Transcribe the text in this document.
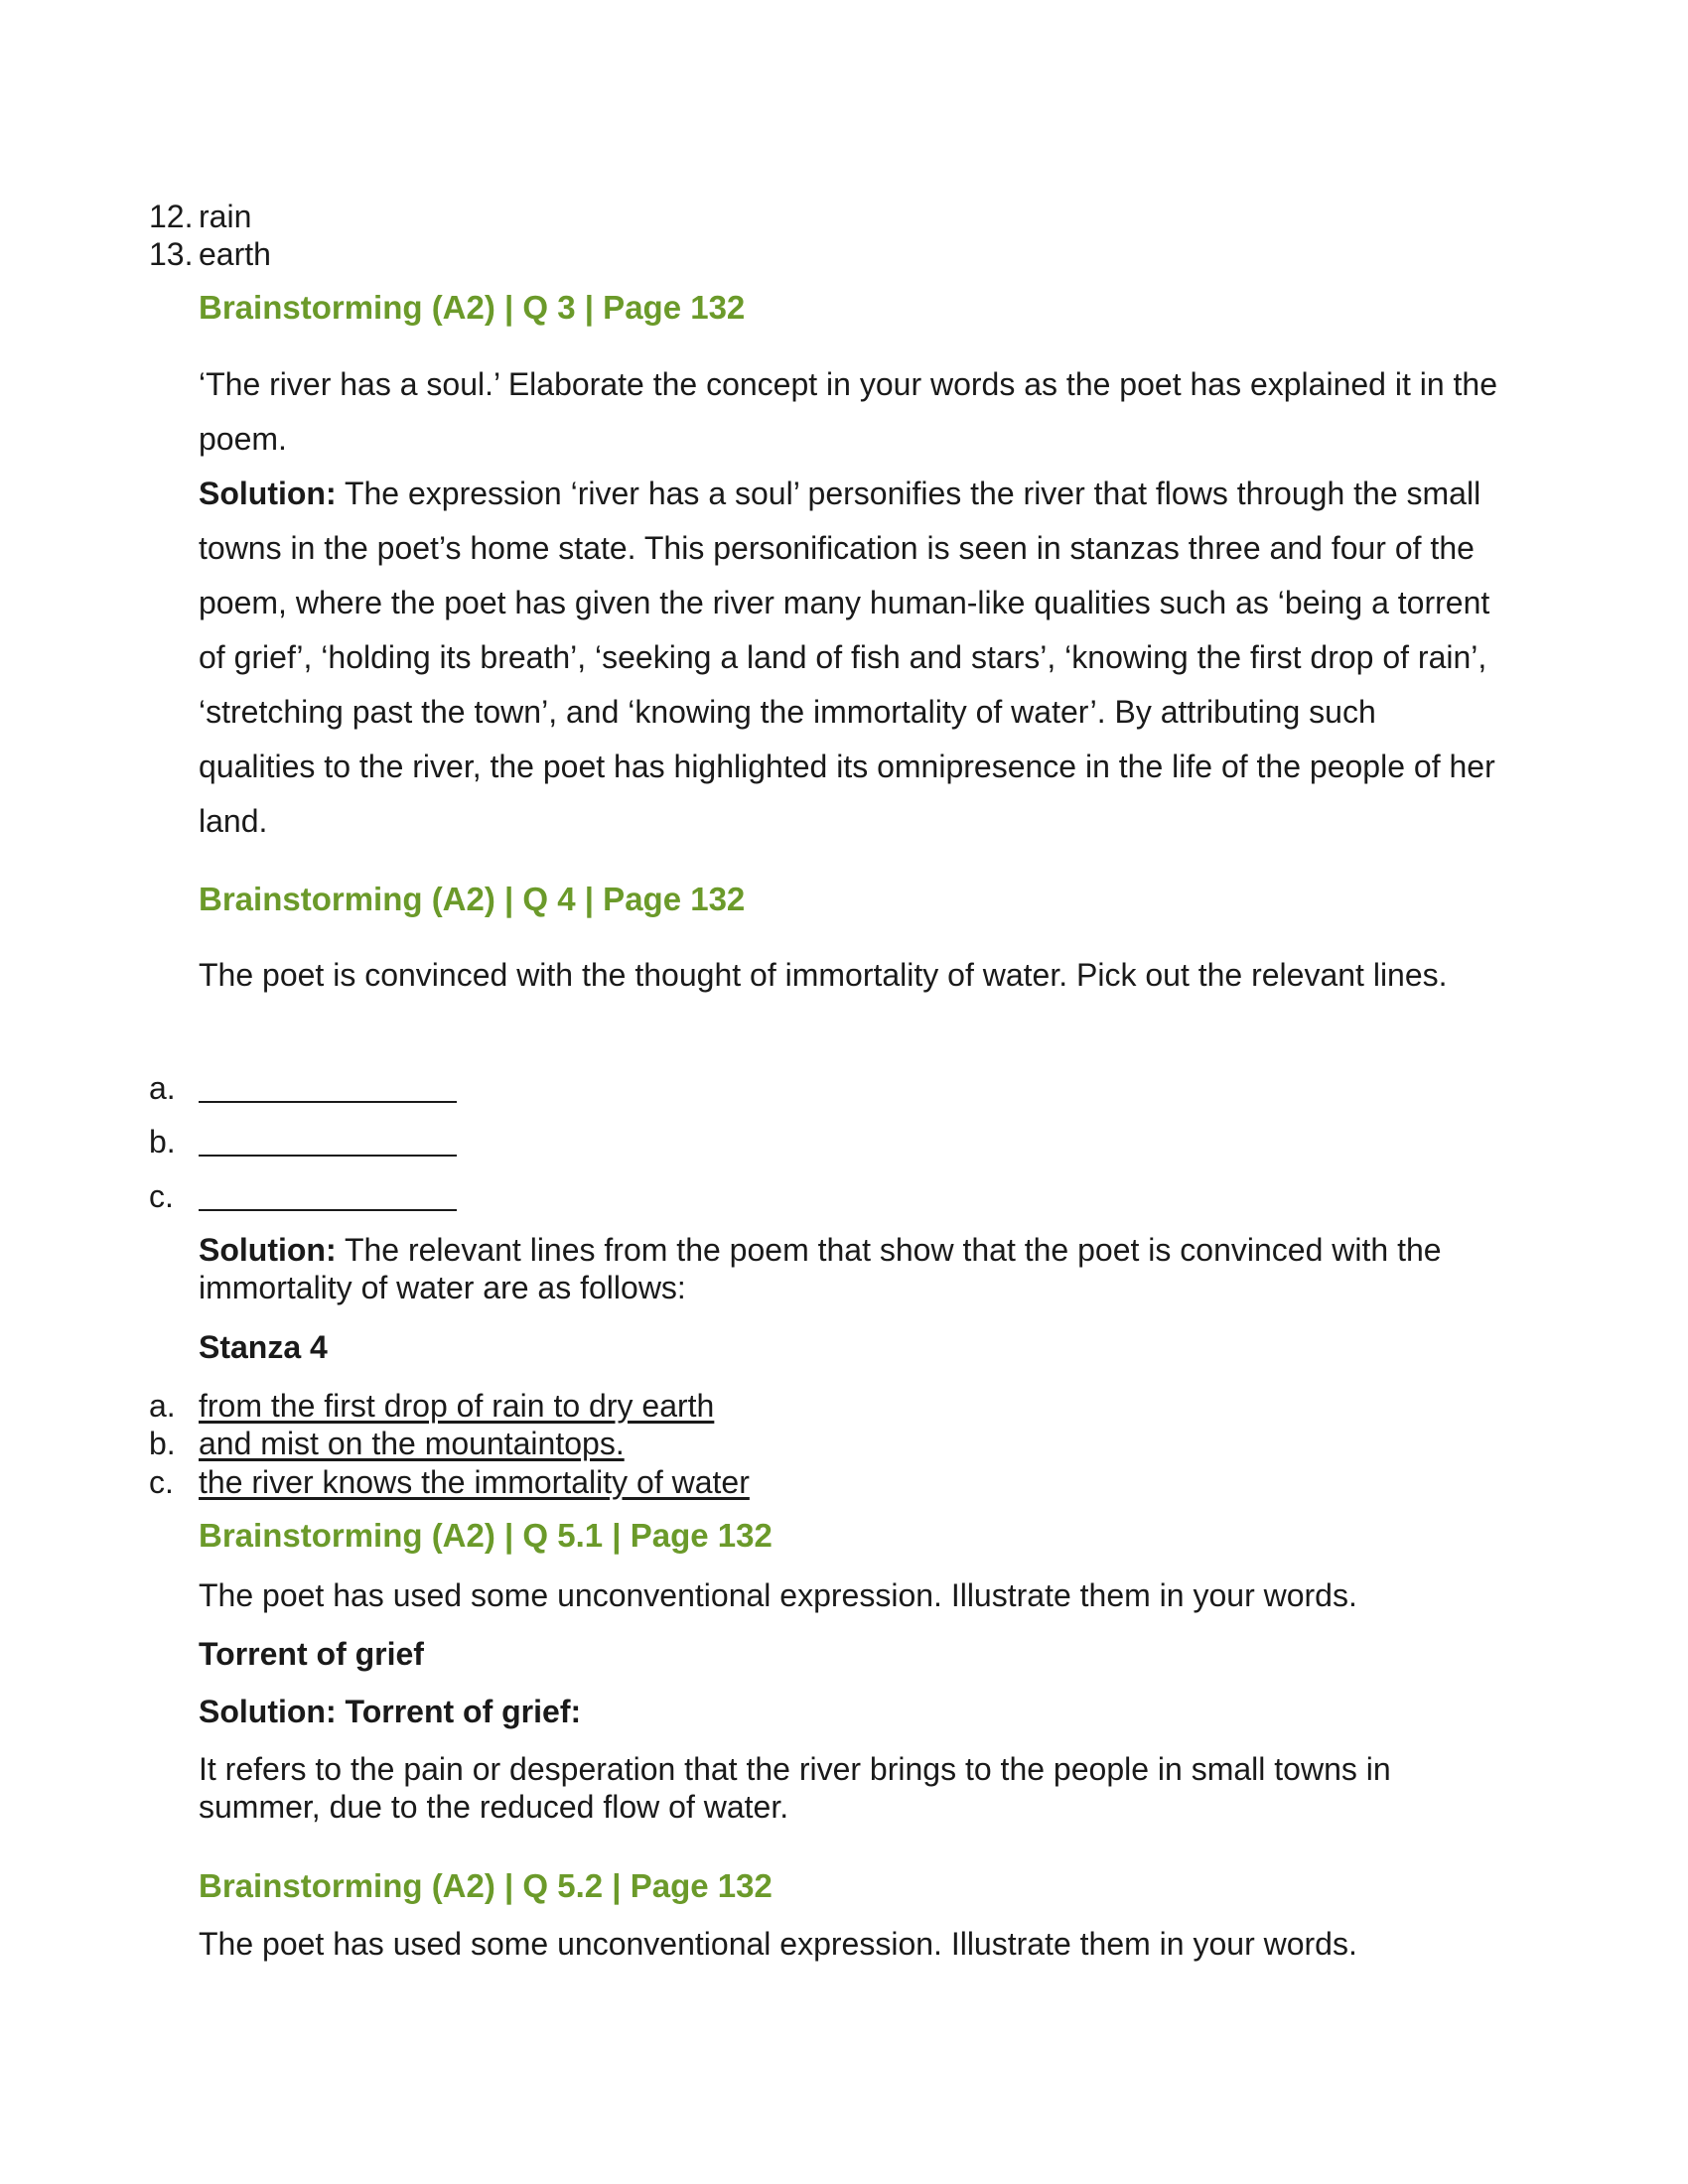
12. rain
13. earth
Brainstorming (A2) | Q 3 | Page 132
‘The river has a soul.’ Elaborate the concept in your words as the poet has explained it in the poem.
Solution: The expression ‘river has a soul’ personifies the river that flows through the small towns in the poet’s home state. This personification is seen in stanzas three and four of the poem, where the poet has given the river many human-like qualities such as ‘being a torrent of grief’, ‘holding its breath’, ‘seeking a land of fish and stars’, ‘knowing the first drop of rain’, ‘stretching past the town’, and ‘knowing the immortality of water’. By attributing such qualities to the river, the poet has highlighted its omnipresence in the life of the people of her land.
Brainstorming (A2) | Q 4 | Page 132
The poet is convinced with the thought of immortality of water. Pick out the relevant lines.
a.
b.
c.
Solution: The relevant lines from the poem that show that the poet is convinced with the immortality of water are as follows:
Stanza 4
a. from the first drop of rain to dry earth
b. and mist on the mountaintops.
c. the river knows the immortality of water
Brainstorming (A2) | Q 5.1 | Page 132
The poet has used some unconventional expression. Illustrate them in your words.
Torrent of grief
Solution: Torrent of grief:
It refers to the pain or desperation that the river brings to the people in small towns in summer, due to the reduced flow of water.
Brainstorming (A2) | Q 5.2 | Page 132
The poet has used some unconventional expression. Illustrate them in your words.
